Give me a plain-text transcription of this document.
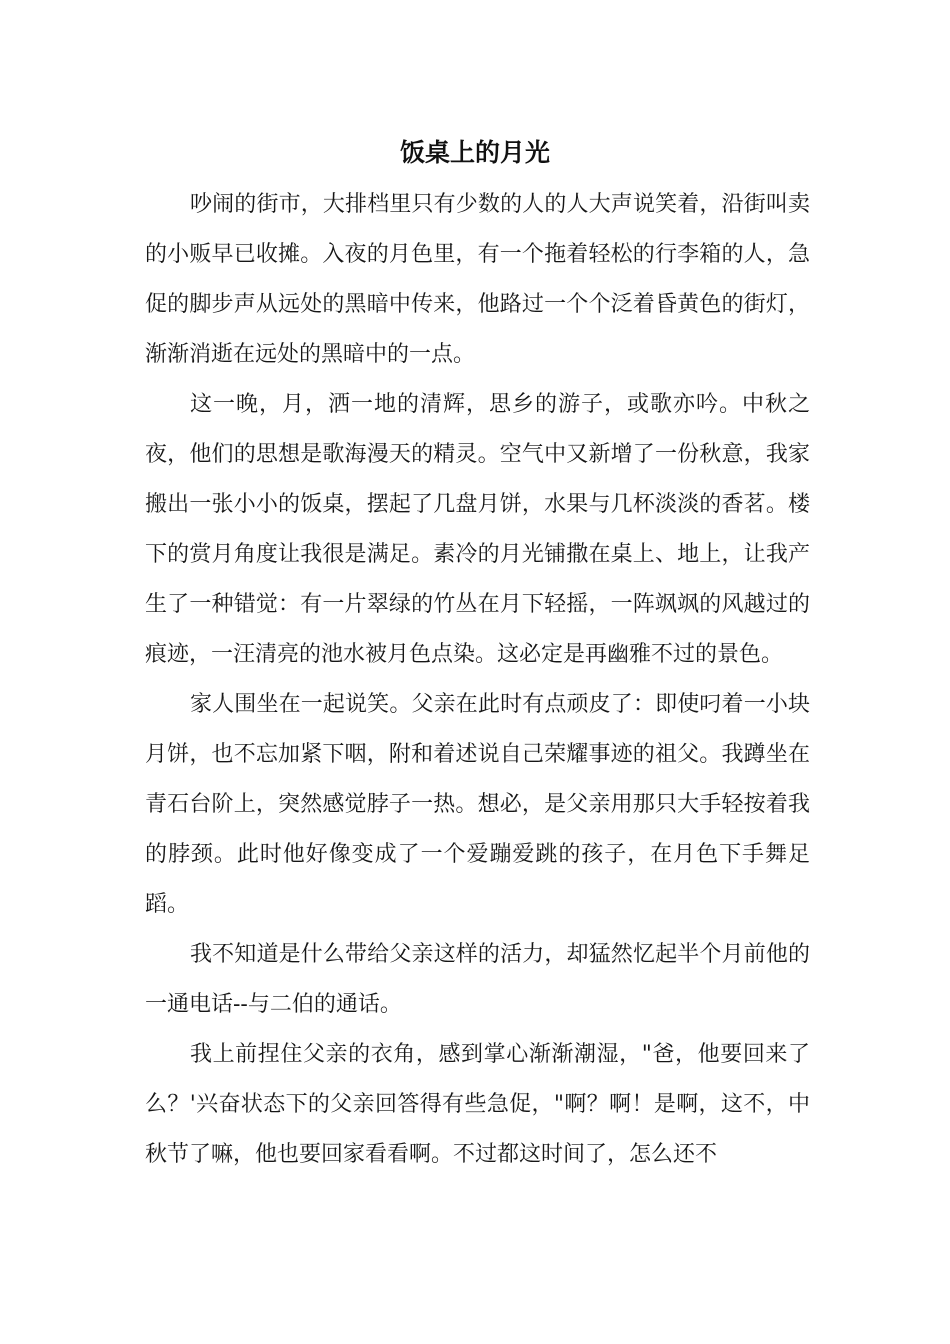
饭桌上的月光

吵闹的街市，大排档里只有少数的人的人大声说笑着，沿街叫卖的小贩早已收摊。入夜的月色里，有一个拖着轻松的行李箱的人，急促的脚步声从远处的黑暗中传来，他路过一个个泛着昏黄色的街灯，渐渐消逝在远处的黑暗中的一点。

这一晚，月，洒一地的清辉，思乡的游子，或歌亦吟。中秋之夜，他们的思想是歌海漫天的精灵。空气中又新增了一份秋意，我家搬出一张小小的饭桌，摆起了几盘月饼，水果与几杯淡淡的香茗。楼下的赏月角度让我很是满足。素冷的月光铺撒在桌上、地上，让我产生了一种错觉：有一片翠绿的竹丛在月下轻摇，一阵飒飒的风越过的痕迹，一汪清亮的池水被月色点染。这必定是再幽雅不过的景色。

家人围坐在一起说笑。父亲在此时有点顽皮了：即使叼着一小块月饼，也不忘加紧下咽，附和着述说自己荣耀事迹的祖父。我蹲坐在青石台阶上，突然感觉脖子一热。想必，是父亲用那只大手轻按着我的脖颈。此时他好像变成了一个爱蹦爱跳的孩子，在月色下手舞足蹈。

我不知道是什么带给父亲这样的活力，却猛然忆起半个月前他的一通电话--与二伯的通话。

我上前捏住父亲的衣角，感到掌心渐渐潮湿，"爸，他要回来了么？'兴奋状态下的父亲回答得有些急促，"啊？啊！是啊，这不，中秋节了嘛，他也要回家看看啊。不过都这时间了，怎么还不
